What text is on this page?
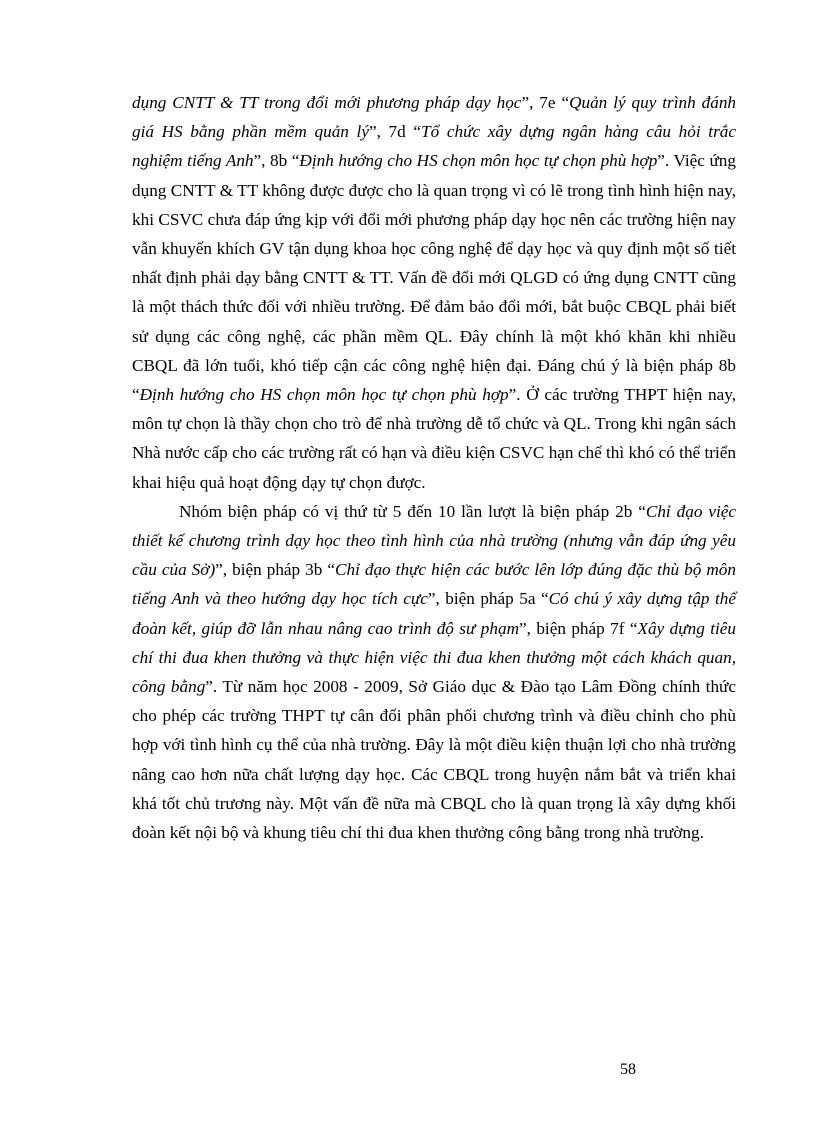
dụng CNTT & TT trong đổi mới phương pháp dạy học”, 7e “Quản lý quy trình đánh giá HS bằng phần mềm quản lý”, 7d “Tổ chức xây dựng ngân hàng câu hỏi trắc nghiệm tiếng Anh”, 8b “Định hướng cho HS chọn môn học tự chọn phù hợp”. Việc ứng dụng CNTT & TT không được được cho là quan trọng vì có lẽ trong tình hình hiện nay, khi CSVC chưa đáp ứng kịp với đổi mới phương pháp dạy học nên các trường hiện nay vẫn khuyến khích GV tận dụng khoa học công nghệ để dạy học và quy định một số tiết nhất định phải dạy bằng CNTT & TT. Vấn đề đổi mới QLGD có ứng dụng CNTT cũng là một thách thức đối với nhiều trường. Để đảm bảo đổi mới, bắt buộc CBQL phải biết sử dụng các công nghệ, các phần mềm QL. Đây chính là một khó khăn khi nhiều CBQL đã lớn tuổi, khó tiếp cận các công nghệ hiện đại. Đáng chú ý là biện pháp 8b “Định hướng cho HS chọn môn học tự chọn phù hợp”. Ở các trường THPT hiện nay, môn tự chọn là thầy chọn cho trò để nhà trường dễ tổ chức và QL. Trong khi ngân sách Nhà nước cấp cho các trường rất có hạn và điều kiện CSVC hạn chế thì khó có thể triển khai hiệu quả hoạt động dạy tự chọn được.

Nhóm biện pháp có vị thứ từ 5 đến 10 lần lượt là biện pháp 2b “Chỉ đạo việc thiết kế chương trình dạy học theo tình hình của nhà trường (nhưng vẫn đáp ứng yêu cầu của Sở)”, biện pháp 3b “Chỉ đạo thực hiện các bước lên lớp đúng đặc thù bộ môn tiếng Anh và theo hướng dạy học tích cực”, biện pháp 5a “Có chú ý xây dựng tập thể đoàn kết, giúp đỡ lẫn nhau nâng cao trình độ sư phạm”, biện pháp 7f “Xây dựng tiêu chí thi đua khen thưởng và thực hiện việc thi đua khen thưởng một cách khách quan, công bằng”. Từ năm học 2008 - 2009, Sở Giáo dục & Đào tạo Lâm Đồng chính thức cho phép các trường THPT tự cân đối phân phối chương trình và điều chỉnh cho phù hợp với tình hình cụ thể của nhà trường. Đây là một điều kiện thuận lợi cho nhà trường nâng cao hơn nữa chất lượng dạy học. Các CBQL trong huyện nắm bắt và triển khai khá tốt chủ trương này. Một vấn đề nữa mà CBQL cho là quan trọng là xây dựng khối đoàn kết nội bộ và khung tiêu chí thi đua khen thưởng công bằng trong nhà trường.

58
